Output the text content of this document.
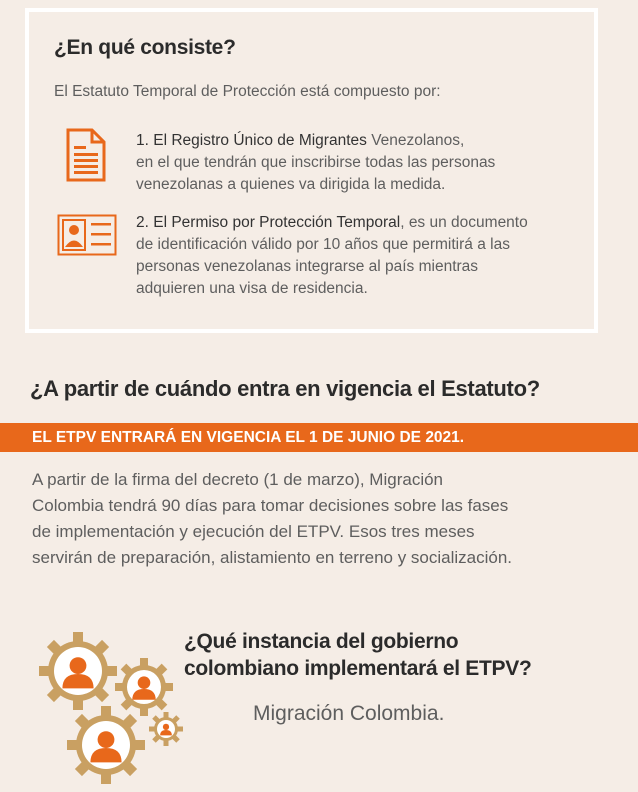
¿En qué consiste?
El Estatuto Temporal de Protección está compuesto por:
1. El Registro Único de Migrantes Venezolanos,
en el que tendrán que inscribirse todas las personas
venezolanas a quienes va dirigida la medida.
2. El Permiso por Protección Temporal, es un documento
de identificación válido por 10 años que permitirá a las
personas venezolanas integrarse al país mientras
adquieren una visa de residencia.
¿A partir de cuándo entra en vigencia el Estatuto?
EL ETPV ENTRARÁ EN VIGENCIA EL 1 DE JUNIO DE 2021.
A partir de la firma del decreto (1 de marzo), Migración
Colombia tendrá 90 días para tomar decisiones sobre las fases
de implementación y ejecución del ETPV. Esos tres meses
servirán de preparación, alistamiento en terreno y socialización.
¿Qué instancia del gobierno
colombiano implementará el ETPV?
Migración Colombia.
